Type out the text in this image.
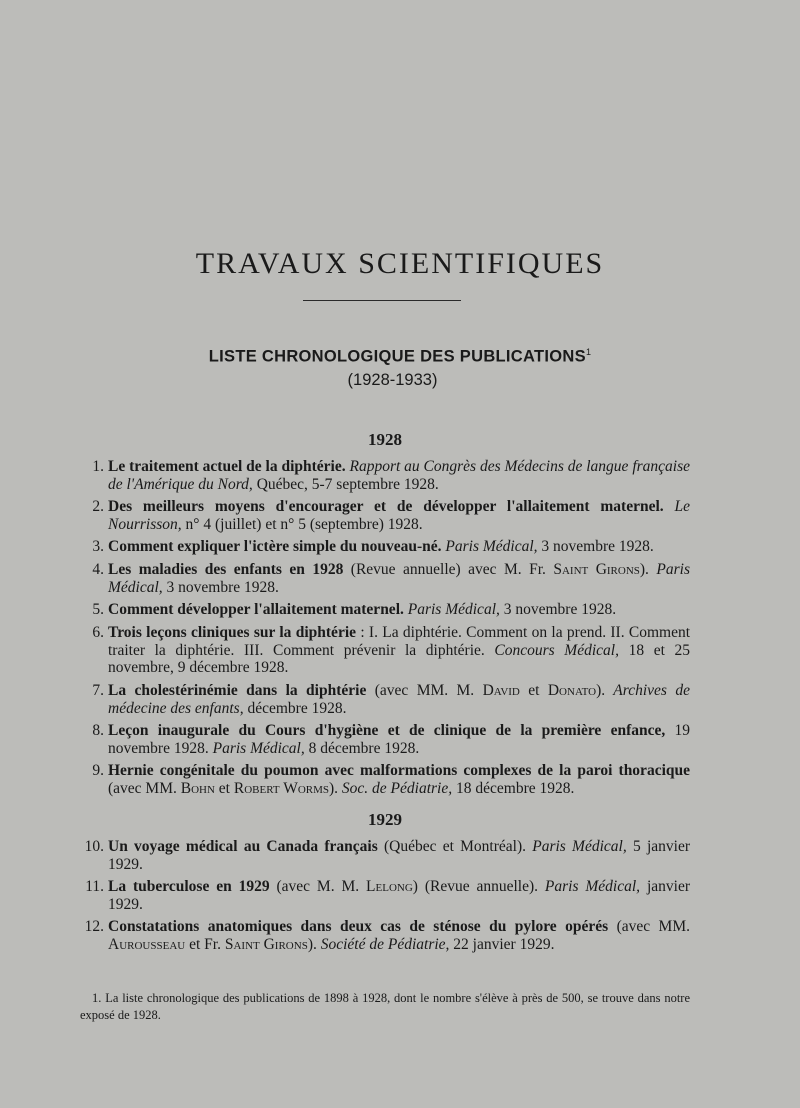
TRAVAUX SCIENTIFIQUES
LISTE CHRONOLOGIQUE DES PUBLICATIONS$^1$
(1928-1933)
1928
1. Le traitement actuel de la diphtérie. Rapport au Congrès des Médecins de langue française de l'Amérique du Nord, Québec, 5-7 septembre 1928.
2. Des meilleurs moyens d'encourager et de développer l'allaitement maternel. Le Nourrisson, n° 4 (juillet) et n° 5 (septembre) 1928.
3. Comment expliquer l'ictère simple du nouveau-né. Paris Médical, 3 novembre 1928.
4. Les maladies des enfants en 1928 (Revue annuelle) avec M. Fr. Saint Girons). Paris Médical, 3 novembre 1928.
5. Comment développer l'allaitement maternel. Paris Médical, 3 novembre 1928.
6. Trois leçons cliniques sur la diphtérie : I. La diphtérie. Comment on la prend. II. Comment traiter la diphtérie. III. Comment prévenir la diphtérie. Concours Médical, 18 et 25 novembre, 9 décembre 1928.
7. La cholestérinémie dans la diphtérie (avec MM. M. David et Donato). Archives de médecine des enfants, décembre 1928.
8. Leçon inaugurale du Cours d'hygiène et de clinique de la première enfance, 19 novembre 1928. Paris Médical, 8 décembre 1928.
9. Hernie congénitale du poumon avec malformations complexes de la paroi thoracique (avec MM. Bohn et Robert Worms). Soc. de Pédiatrie, 18 décembre 1928.
1929
10. Un voyage médical au Canada français (Québec et Montréal). Paris Médical, 5 janvier 1929.
11. La tuberculose en 1929 (avec M. M. Lelong) (Revue annuelle). Paris Médical, janvier 1929.
12. Constatations anatomiques dans deux cas de sténose du pylore opérés (avec MM. Aurousseau et Fr. Saint Girons). Société de Pédiatrie, 22 janvier 1929.
1. La liste chronologique des publications de 1898 à 1928, dont le nombre s'élève à près de 500, se trouve dans notre exposé de 1928.
